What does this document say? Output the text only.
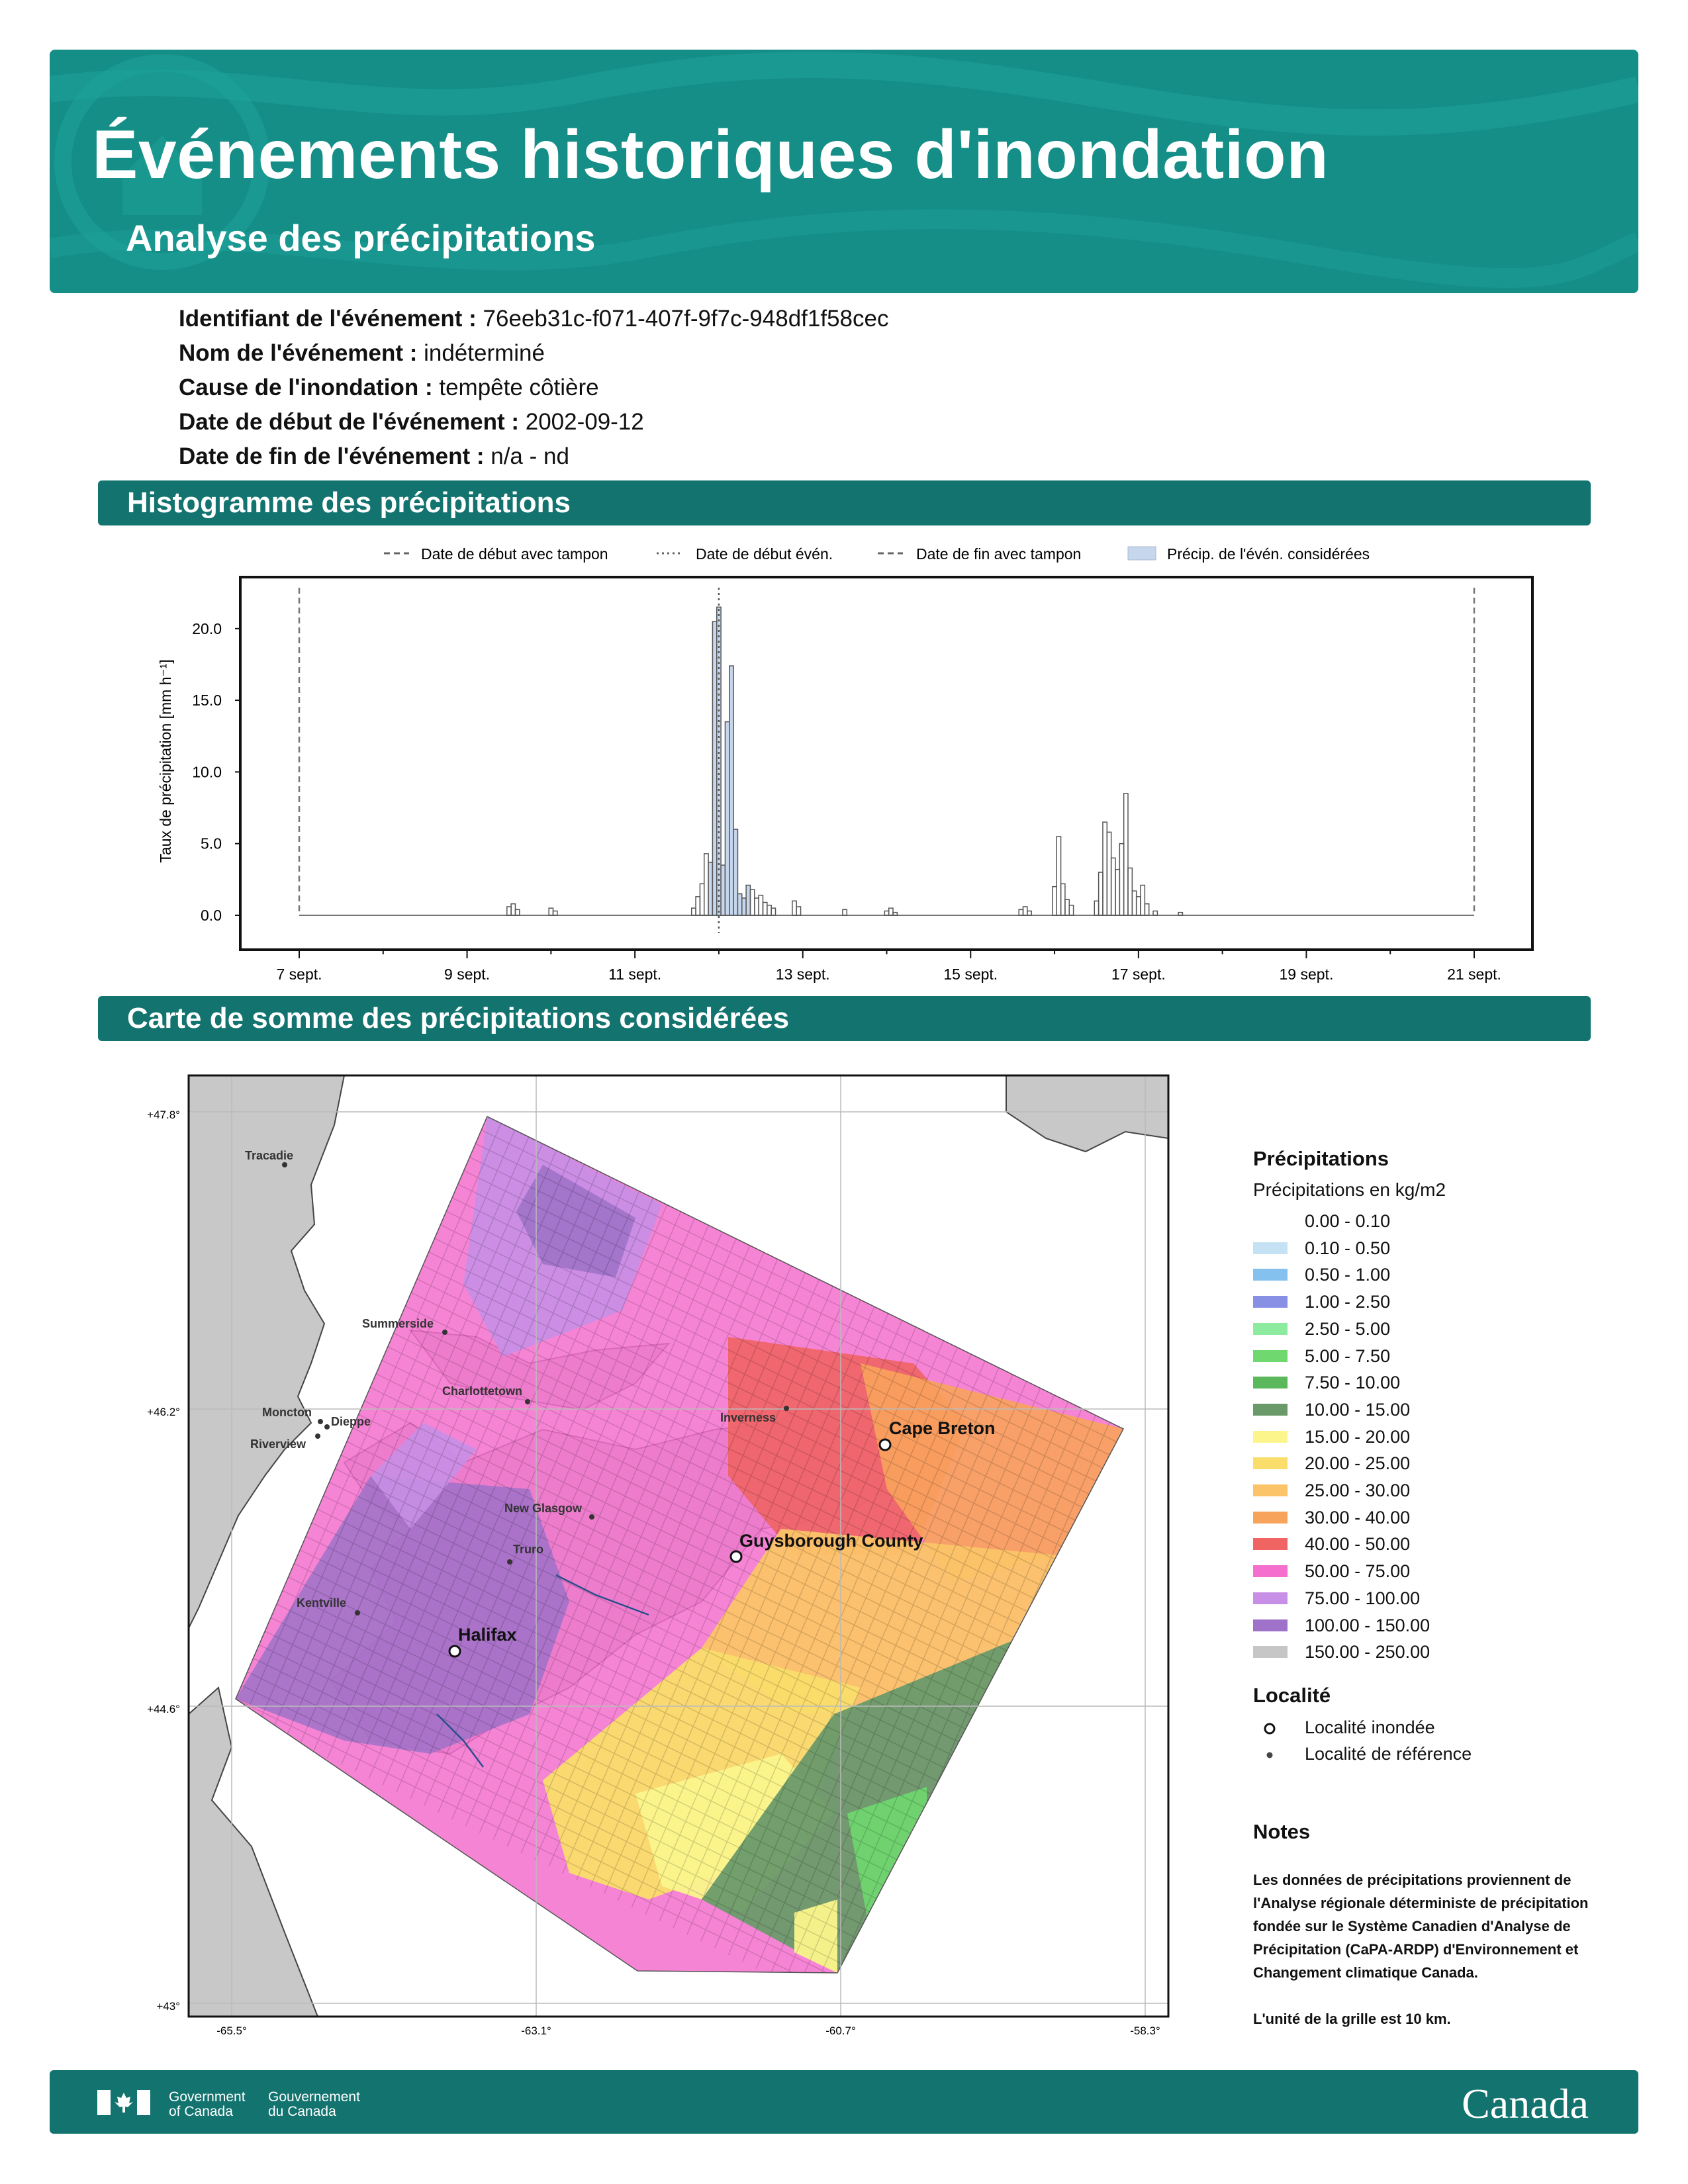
Événements historiques d'inondation
Analyse des précipitations
Identifiant de l'événement : 76eeb31c-f071-407f-9f7c-948df1f58cec
Nom de l'événement : indéterminé
Cause de l'inondation : tempête côtière
Date de début de l'événement : 2002-09-12
Date de fin de l'événement : n/a - nd
Histogramme des précipitations
Date de début avec tampon	Date de début évén.	Date de fin avec tampon	Précip. de l'évén. considérées
0.0
5.0
10.0
15.0
20.0
7 sept.	9 sept.	11 sept.	13 sept.	15 sept.	17 sept.	19 sept.	21 sept.
Taux de précipitation [mm h⁻¹]
Carte de somme des précipitations considérées
+47.8°
+46.2°
+44.6°
+43°
-65.5°	-63.1°	-60.7°	-58.3°
Tracadie
Summerside
Charlottetown
Moncton
Dieppe
Riverview
Inverness
New Glasgow
Truro
Kentville
Cape Breton
Guysborough County
Halifax
Précipitations
Précipitations en kg/m2
0.00 - 0.10
0.10 - 0.50
0.50 - 1.00
1.00 - 2.50
2.50 - 5.00
5.00 - 7.50
7.50 - 10.00
10.00 - 15.00
15.00 - 20.00
20.00 - 25.00
25.00 - 30.00
30.00 - 40.00
40.00 - 50.00
50.00 - 75.00
75.00 - 100.00
100.00 - 150.00
150.00 - 250.00
Localité
Localité inondée
Localité de référence
Notes
Les données de précipitations proviennent de l'Analyse régionale déterministe de précipitation fondée sur le Système Canadien d'Analyse de Précipitation (CaPA-ARDP) d'Environnement et Changement climatique Canada.
L'unité de la grille est 10 km.
Government
of Canada
Gouvernement
du Canada	Canada
